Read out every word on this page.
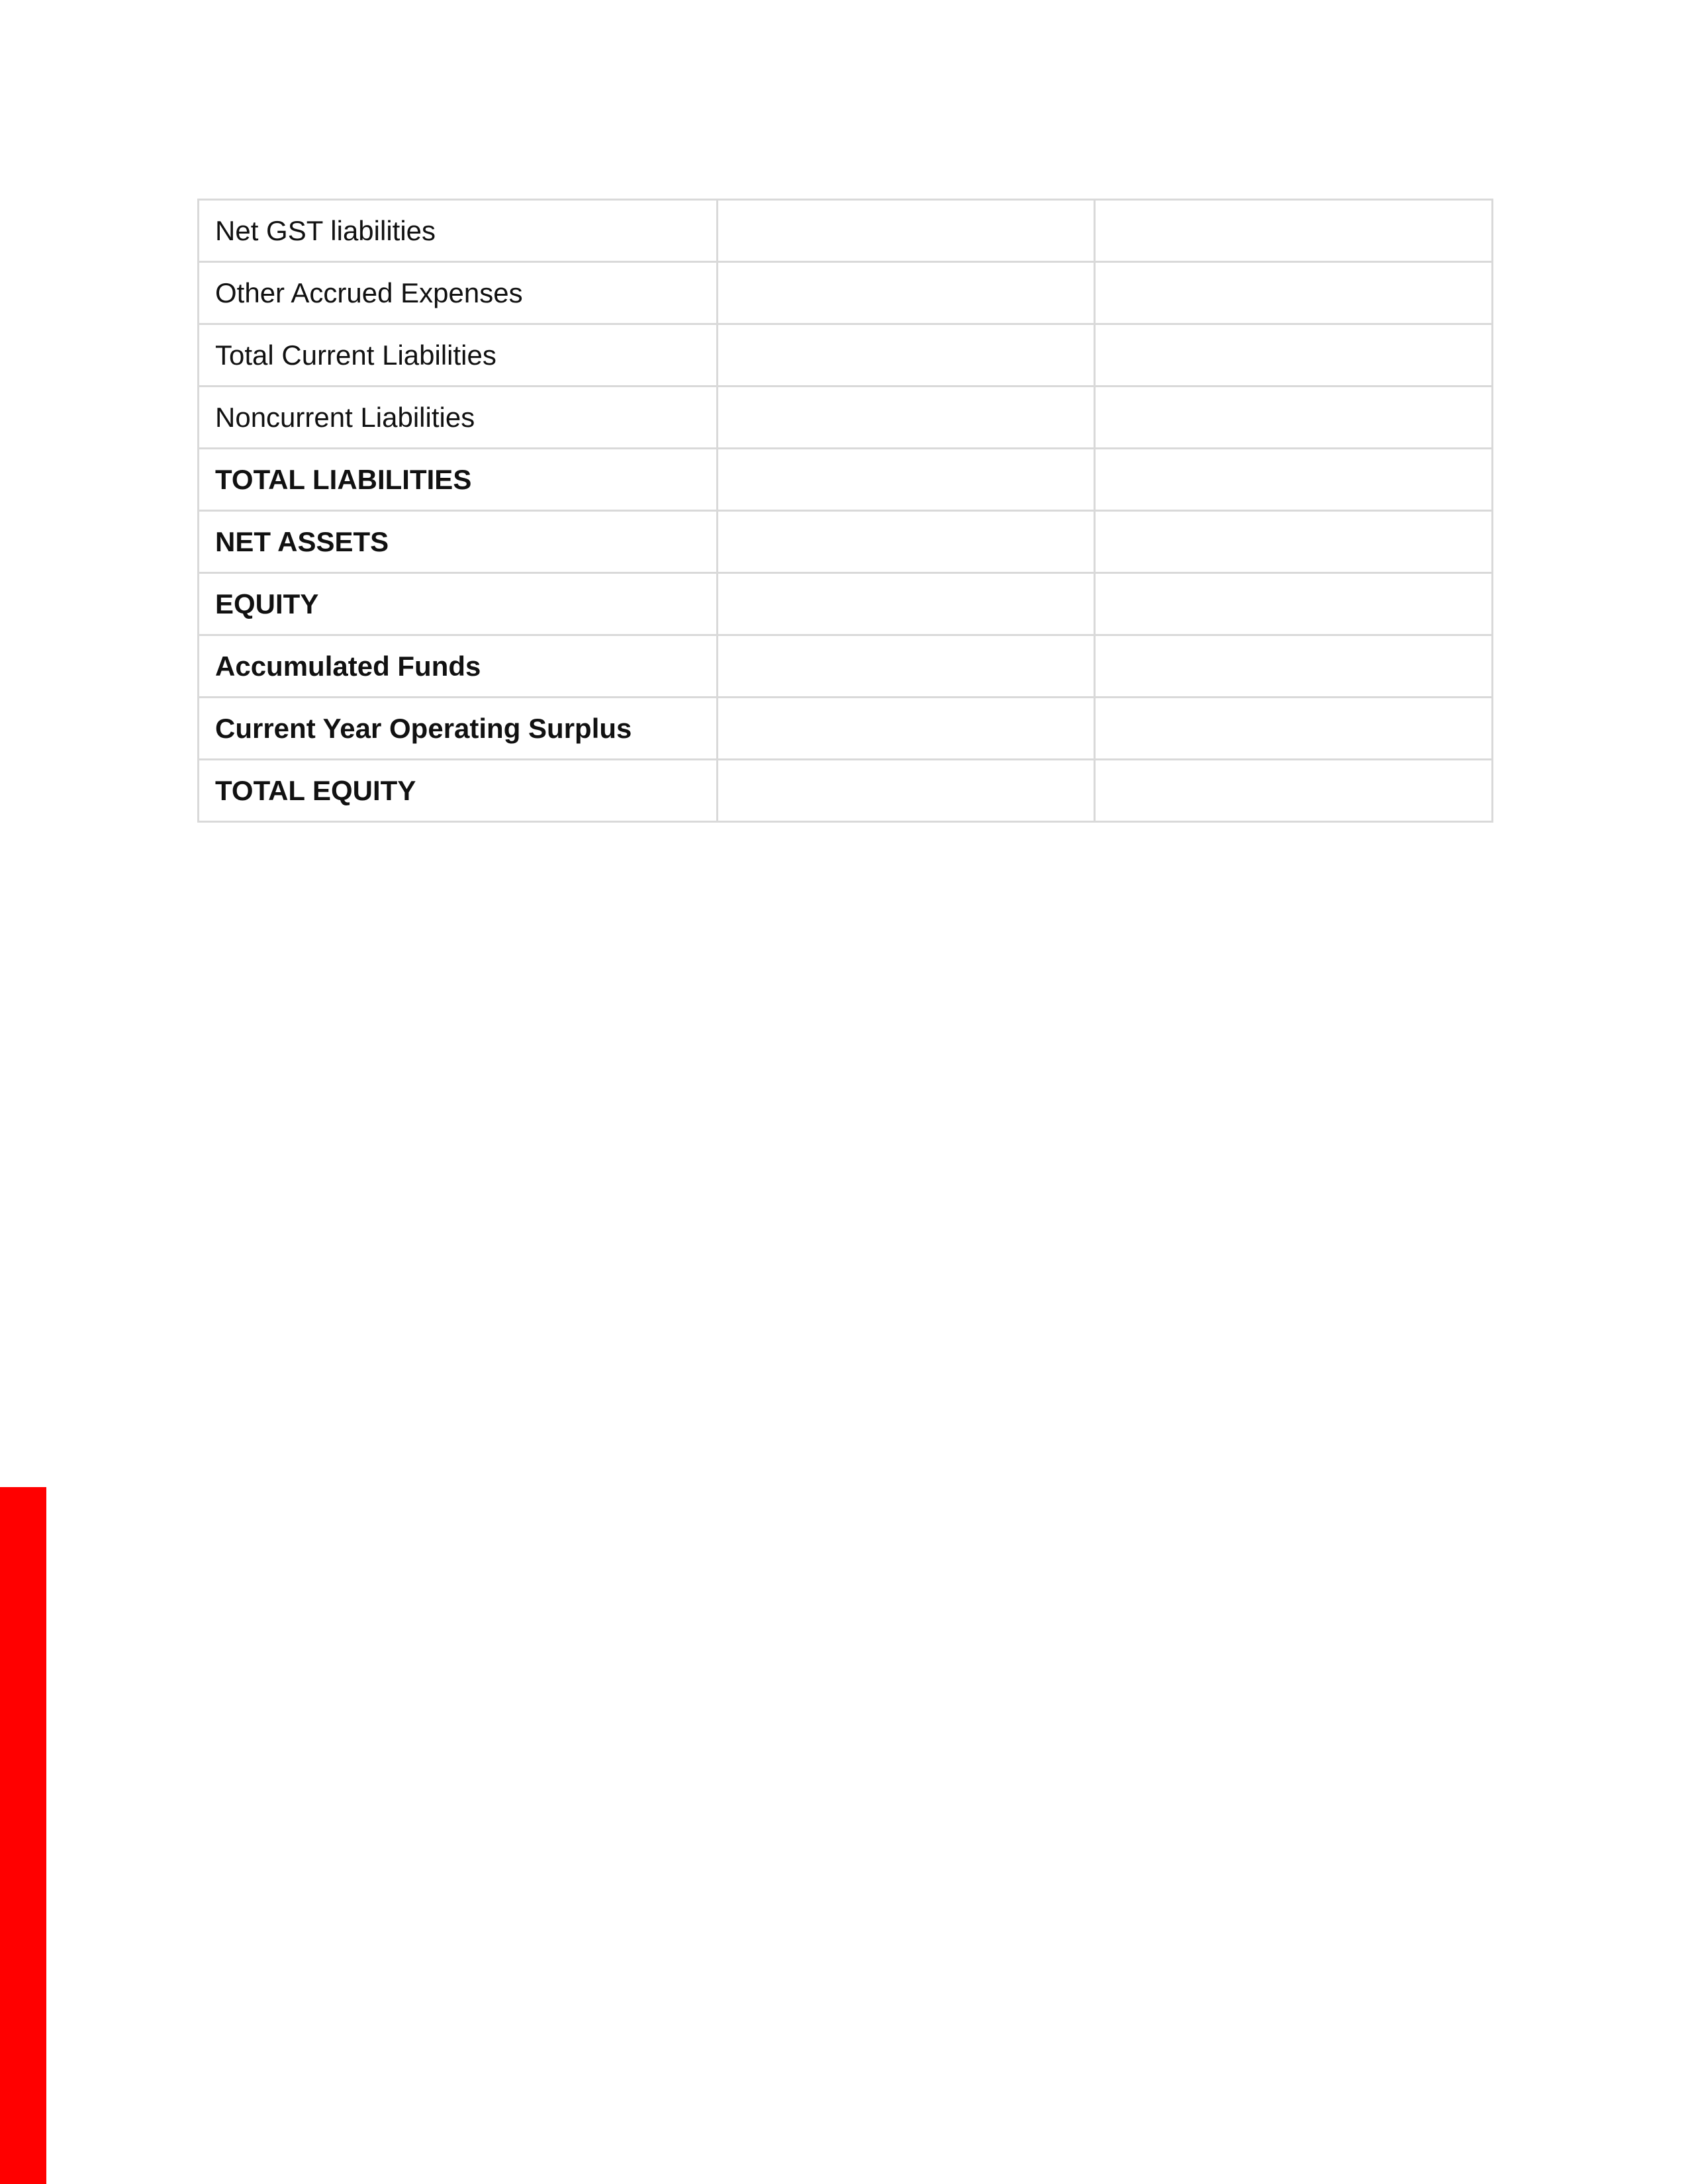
Net GST liabilities		
Other Accrued Expenses		
Total Current Liabilities		
Noncurrent Liabilities		
TOTAL LIABILITIES		
NET ASSETS		
EQUITY		
Accumulated Funds		
Current Year Operating Surplus		
TOTAL EQUITY		
